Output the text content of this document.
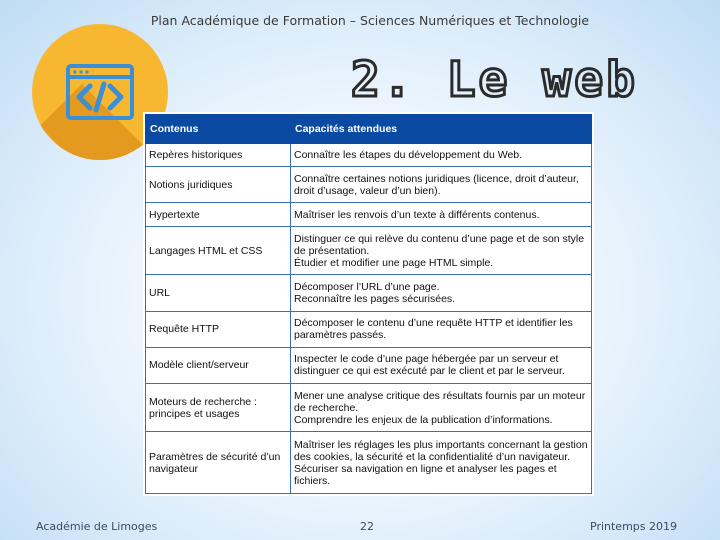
Plan Académique de Formation – Sciences Numériques et Technologie
2. Le web
Contenus	Capacités attendues
Repères historiques	Connaître les étapes du développement du Web.

Notions juridiques	Connaître certaines notions juridiques (licence, droit d’auteur, droit d’usage, valeur d’un bien).

Hypertexte	Maîtriser les renvois d’un texte à différents contenus.

Langages HTML et CSS	Distinguer ce qui relève du contenu d’une page et de son style de présentation.
Étudier et modifier une page HTML simple.

URL	Décomposer l’URL d’une page.
Reconnaître les pages sécurisées.

Requête HTTP	Décomposer le contenu d’une requête HTTP et identifier les paramètres passés.

Modèle client/serveur	Inspecter le code d’une page hébergée par un serveur et distinguer ce qui est exécuté par le client et par le serveur.

Moteurs de recherche : principes et usages	Mener une analyse critique des résultats fournis par un moteur de recherche.
Comprendre les enjeux de la publication d’informations.

Paramètres de sécurité d’un navigateur	Maîtriser les réglages les plus importants concernant la gestion des cookies, la sécurité et la confidentialité d’un navigateur.
Sécuriser sa navigation en ligne et analyser les pages et fichiers.
Académie de Limoges	22	Printemps 2019
